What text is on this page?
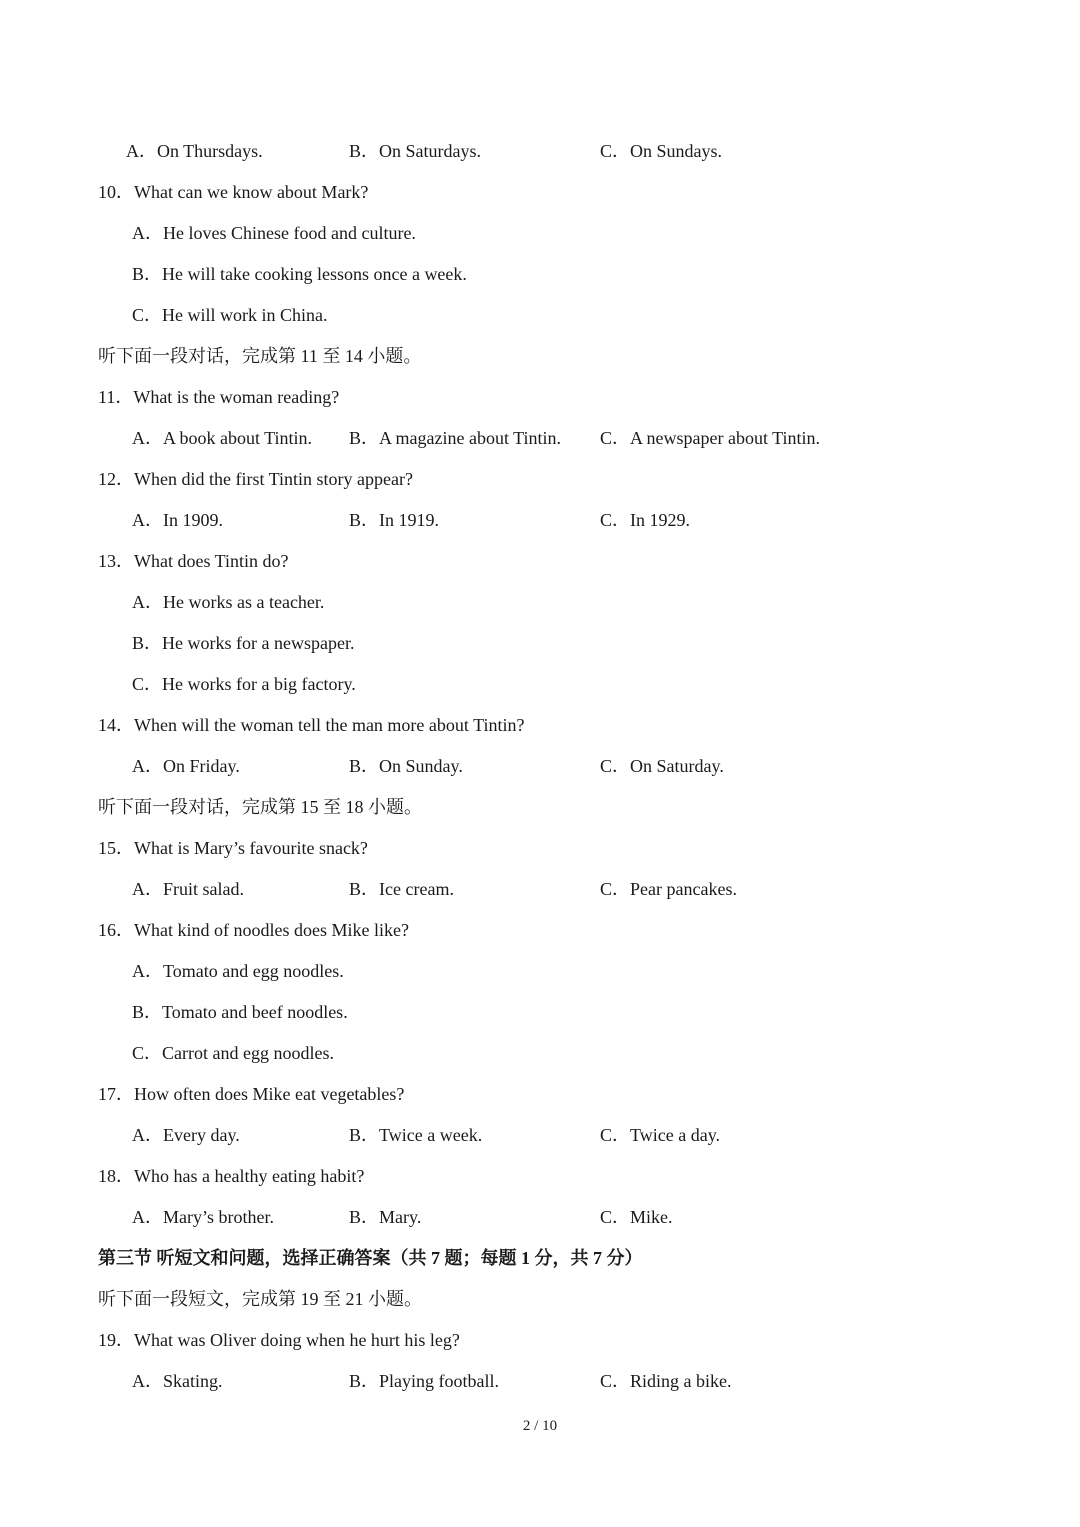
A．On Thursdays.	B．On Saturdays.	C．On Sundays.
10．What can we know about Mark?
A．He loves Chinese food and culture.
B．He will take cooking lessons once a week.
C．He will work in China.
听下面一段对话，完成第 11 至 14 小题。
11．What is the woman reading?
A．A book about Tintin. B．A magazine about Tintin. C．A newspaper about Tintin.
12．When did the first Tintin story appear?
A．In 1909.	B．In 1919.	C．In 1929.
13．What does Tintin do?
A．He works as a teacher.
B．He works for a newspaper.
C．He works for a big factory.
14．When will the woman tell the man more about Tintin?
A．On Friday.	B．On Sunday.	C．On Saturday.
听下面一段对话，完成第 15 至 18 小题。
15．What is Mary’s favourite snack?
A．Fruit salad.	B．Ice cream.	C．Pear pancakes.
16．What kind of noodles does Mike like?
A．Tomato and egg noodles.
B．Tomato and beef noodles.
C．Carrot and egg noodles.
17．How often does Mike eat vegetables?
A．Every day.	B．Twice a week.	C．Twice a day.
18．Who has a healthy eating habit?
A．Mary’s brother.	B．Mary.	C．Mike.
第三节 听短文和问题，选择正确答案（共 7 题；每题 1 分，共 7 分）
听下面一段短文，完成第 19 至 21 小题。
19．What was Oliver doing when he hurt his leg?
A．Skating.	B．Playing football.	C．Riding a bike.
2 / 10
